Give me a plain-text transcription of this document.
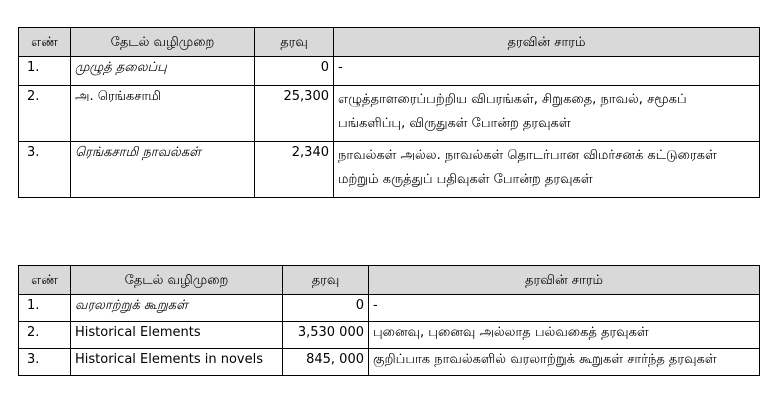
எண்	தேடல் வழிமுறை	தரவு	தரவின் சாரம்
1.	முழுத் தலைப்பு	0	-
2.	அ. ரெங்கசாமி	25,300	எழுத்தாளரைப்பற்றிய விபரங்கள், சிறுகதை, நாவல், சமூகப் பங்களிப்பு, விருதுகள் போன்ற தரவுகள்
3.	ரெங்கசாமி நாவல்கள்	2,340	நாவல்கள் அல்ல. நாவல்கள் தொடர்பான விமர்சனக் கட்டுரைகள் மற்றும் கருத்துப் பதிவுகள் போன்ற தரவுகள்
எண்	தேடல் வழிமுறை	தரவு	தரவின் சாரம்
1.	வரலாற்றுக் கூறுகள்	0	-
2.	Historical Elements	3,530 000	புனைவு, புனைவு அல்லாத பல்வகைத் தரவுகள்
3.	Historical Elements in novels	845, 000	குறிப்பாக நாவல்களில் வரலாற்றுக் கூறுகள் சார்ந்த தரவுகள்
